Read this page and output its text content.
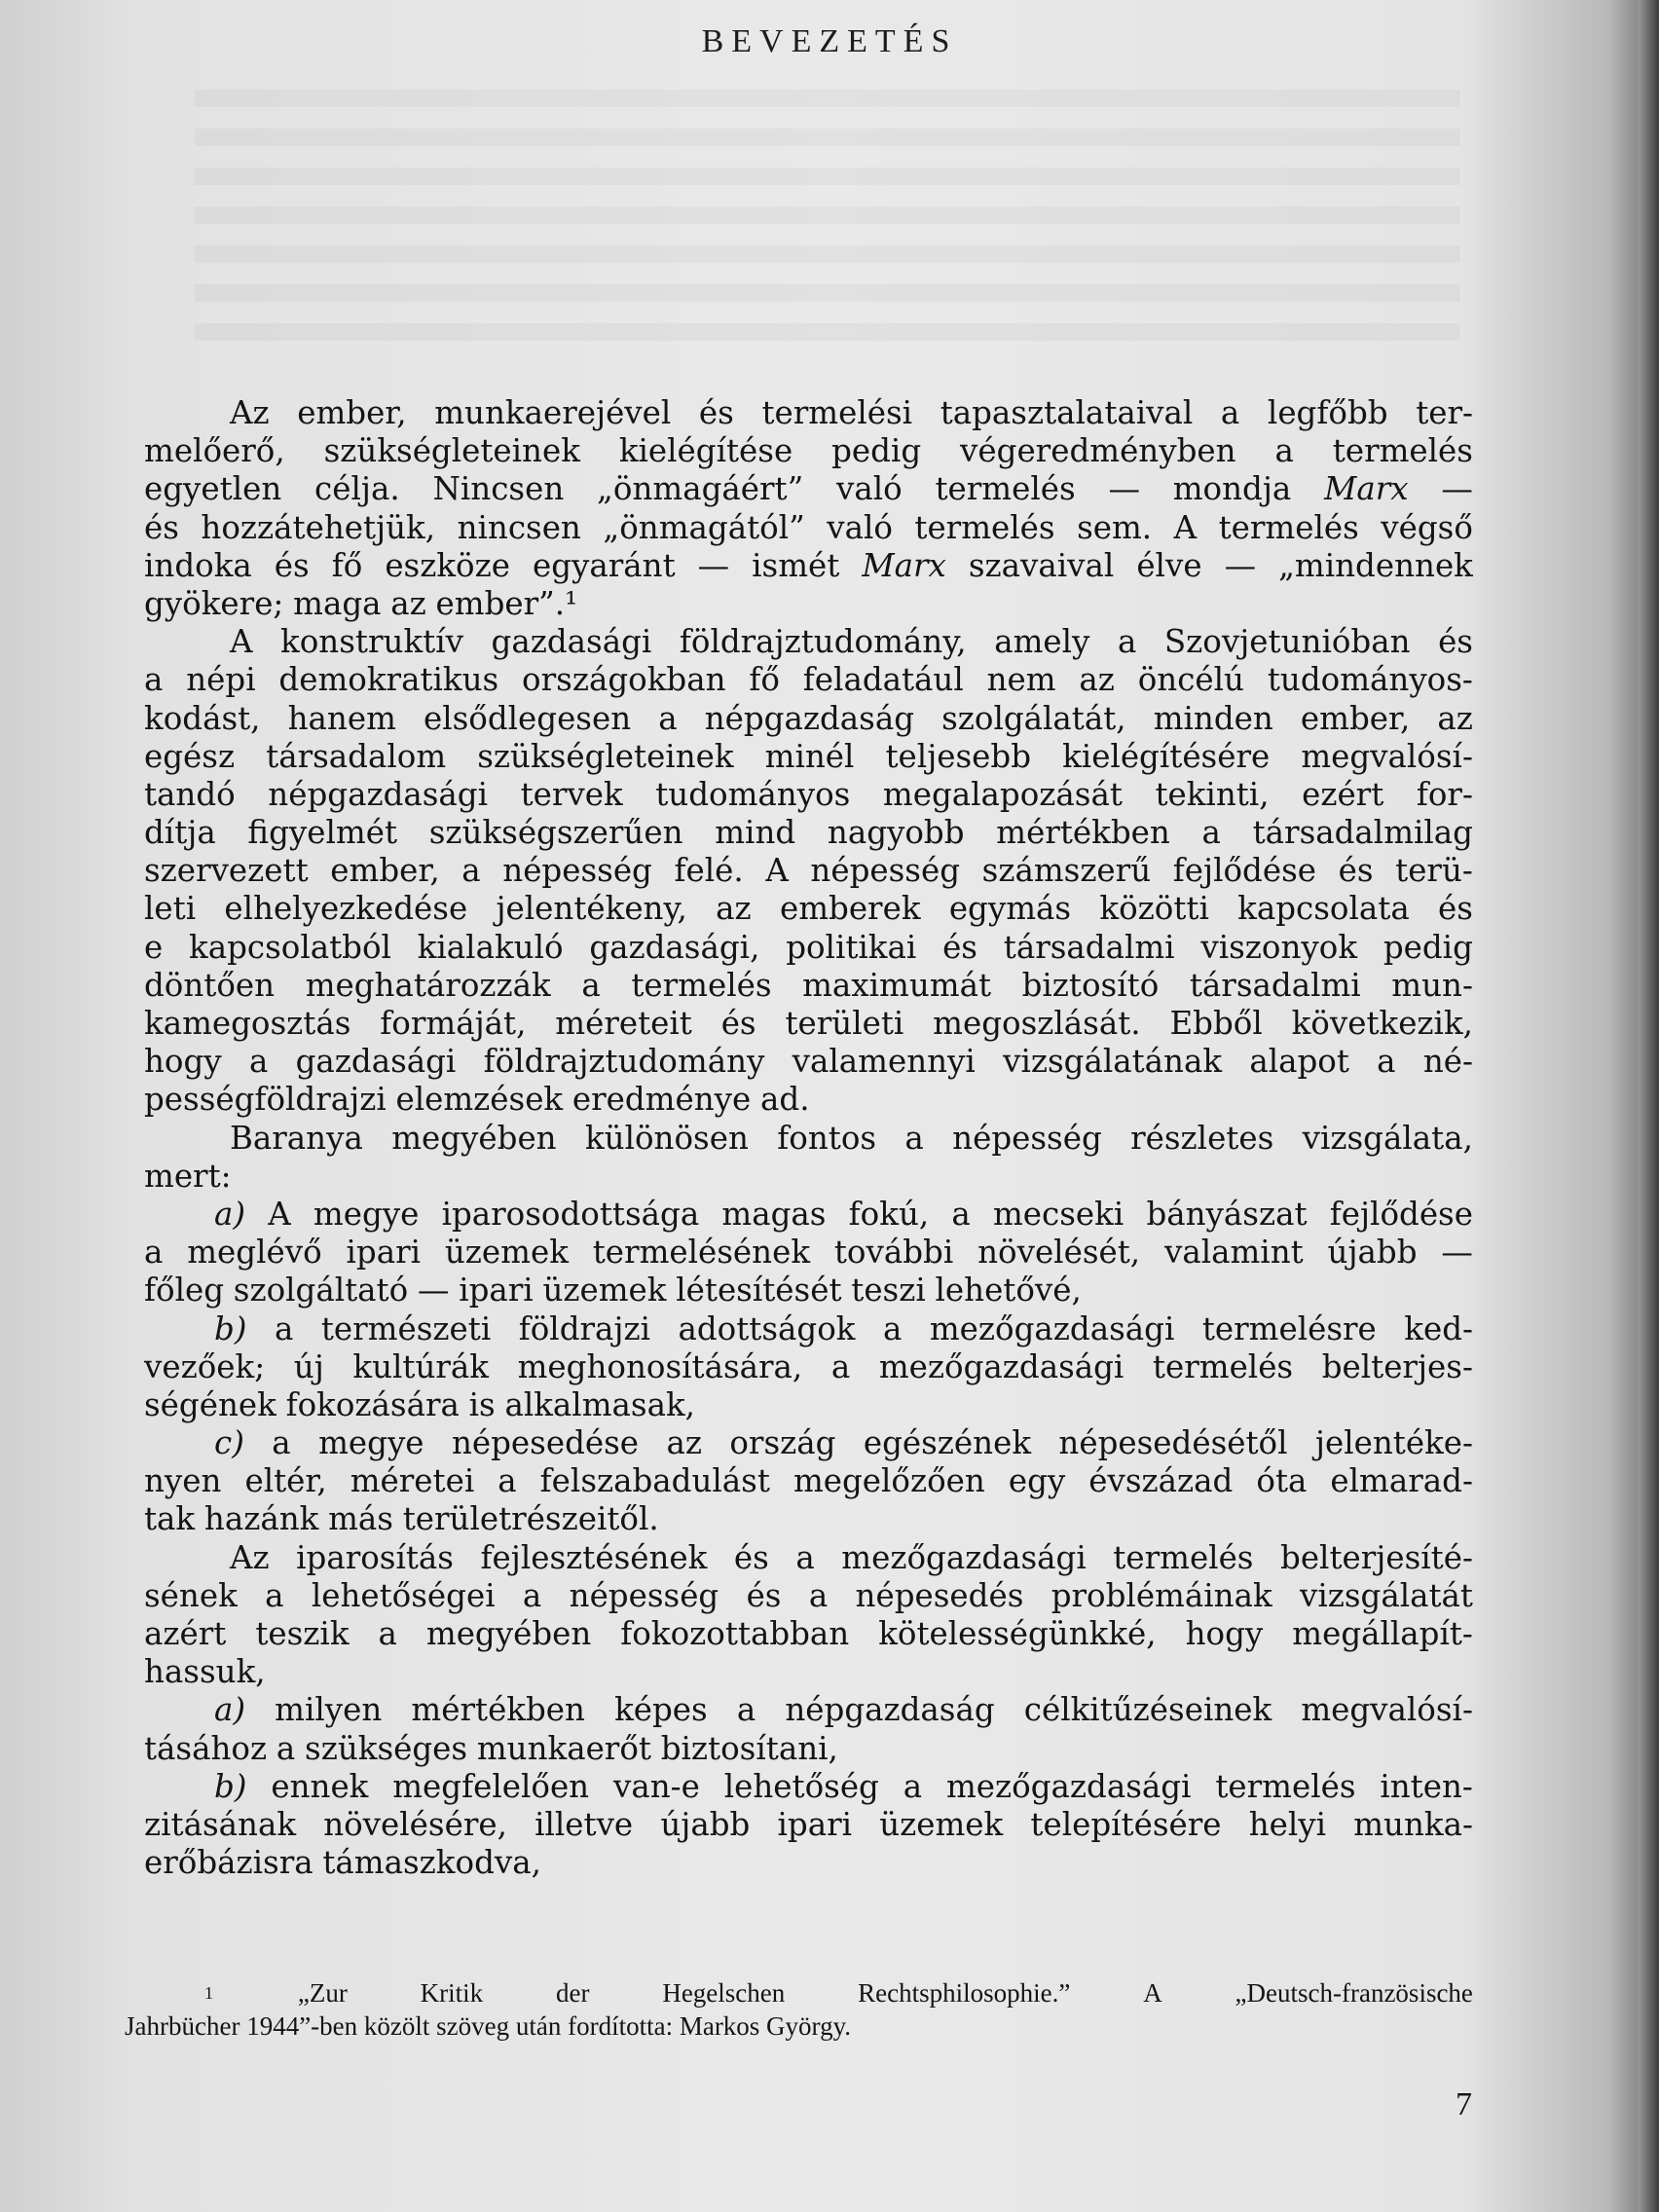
BEVEZETÉS
Az ember, munkaerejével és termelési tapasztalataival a legfőbb ter-
melőerő, szükségleteinek kielégítése pedig végeredményben a termelés
egyetlen célja. Nincsen „önmagáért” való termelés — mondja Marx —
és hozzátehetjük, nincsen „önmagától” való termelés sem. A termelés végső
indoka és fő eszköze egyaránt — ismét Marx szavaival élve — „mindennek
gyökere; maga az ember”.¹
A konstruktív gazdasági földrajztudomány, amely a Szovjetunióban és
a népi demokratikus országokban fő feladatául nem az öncélú tudományos-
kodást, hanem elsődlegesen a népgazdaság szolgálatát, minden ember, az
egész társadalom szükségleteinek minél teljesebb kielégítésére megvalósí-
tandó népgazdasági tervek tudományos megalapozását tekinti, ezért for-
dítja figyelmét szükségszerűen mind nagyobb mértékben a társadalmilag
szervezett ember, a népesség felé. A népesség számszerű fejlődése és terü-
leti elhelyezkedése jelentékeny, az emberek egymás közötti kapcsolata és
e kapcsolatból kialakuló gazdasági, politikai és társadalmi viszonyok pedig
döntően meghatározzák a termelés maximumát biztosító társadalmi mun-
kamegosztás formáját, méreteit és területi megoszlását. Ebből következik,
hogy a gazdasági földrajztudomány valamennyi vizsgálatának alapot a né-
pességföldrajzi elemzések eredménye ad.
Baranya megyében különösen fontos a népesség részletes vizsgálata,
mert:
a) A megye iparosodottsága magas fokú, a mecseki bányászat fejlődése
a meglévő ipari üzemek termelésének további növelését, valamint újabb —
főleg szolgáltató — ipari üzemek létesítését teszi lehetővé,
b) a természeti földrajzi adottságok a mezőgazdasági termelésre ked-
vezőek; új kultúrák meghonosítására, a mezőgazdasági termelés belterjes-
ségének fokozására is alkalmasak,
c) a megye népesedése az ország egészének népesedésétől jelentéke-
nyen eltér, méretei a felszabadulást megelőzően egy évszázad óta elmarad-
tak hazánk más területrészeitől.
Az iparosítás fejlesztésének és a mezőgazdasági termelés belterjesíté-
sének a lehetőségei a népesség és a népesedés problémáinak vizsgálatát
azért teszik a megyében fokozottabban kötelességünkké, hogy megállapít-
hassuk,
a) milyen mértékben képes a népgazdaság célkitűzéseinek megvalósí-
tásához a szükséges munkaerőt biztosítani,
b) ennek megfelelően van-e lehetőség a mezőgazdasági termelés inten-
zitásának növelésére, illetve újabb ipari üzemek telepítésére helyi munka-
erőbázisra támaszkodva,
1	„Zur	Kritik	der	Hegelschen	Rechtsphilosophie.”	A	„Deutsch-französische
Jahrbücher 1944”-ben közölt szöveg után fordította: Markos György.
7
